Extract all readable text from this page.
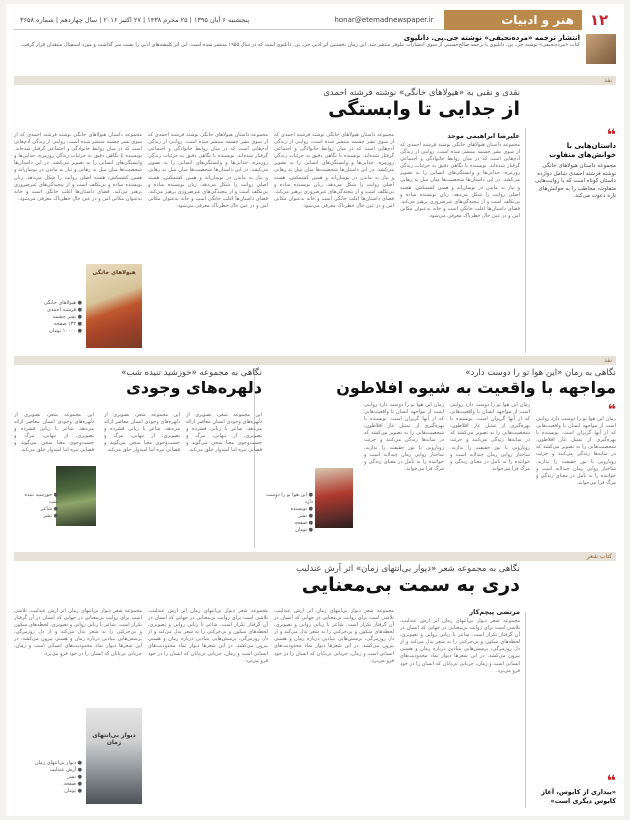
۱۲
هنر و ادبیات
honar@etemadnewspaper.ir
پنجشنبه ۶ آبان ۱۳۹۵ | ۲۵ محرم ۱۴۳۸ | ۲۷ اکتبر ۲۰۱۶ | سال چهاردهم | شماره ۳۶۵۸
انتشار ترجمه «مرده‌نحیفی» نوشته جی.پی. دانلیوی
کتاب «مرده‌نحیفی» نوشته جی. پی. دانلیوی با ترجمه صالح‌حسینی از سوی انتشارات نیلوفر منتشر شد. این رمان نخستین اثر ادبی جی. پی. دانلیوی است که در سال ۱۹۵۵ منتشر شده است. این اثر کلیشه‌های ادبی را پشت سر گذاشت و مورد استقبال منتقدان قرار گرفت.
نقد
نقدی و نقبی به «هیولاهای خانگی» نوشته فرشته احمدی
از جدایی تا وابستگی
❝
داستان‌هایی با خوانش‌های متفاوت
مجموعه داستان هیولاهای خانگی نوشته فرشته احمدی شامل دوازده داستان کوتاه است که با روایت‌هایی متفاوت، مخاطب را به خوانش‌های تازه دعوت می‌کند.
علیرضا ابراهیمی موحد

مجموعه داستان هیولاهای خانگی نوشته فرشته احمدی که از سوی نشر چشمه منتشر شده است، روایتی از زندگی آدم‌هایی است که در میان روابط خانوادگی و اجتماعی گرفتار شده‌اند. نویسنده با نگاهی دقیق به جزئیات زندگی روزمره، جدایی‌ها و وابستگی‌های انسانی را به تصویر می‌کشد. در این داستان‌ها شخصیت‌ها میان میل به رهایی و نیاز به ماندن در نوسان‌اند و همین کشمکش، هسته اصلی روایت را شکل می‌دهد. زبان نویسنده ساده و بی‌تکلف است و از پیچیدگی‌های غیرضروری پرهیز می‌کند. فضای داستان‌ها اغلب خانگی است و خانه به‌عنوان مکانی امن و در عین حال خطرناک معرفی می‌شود.

مجموعه داستان هیولاهای خانگی نوشته فرشته احمدی که از سوی نشر چشمه منتشر شده است، روایتی از زندگی آدم‌هایی است که در میان روابط خانوادگی و اجتماعی گرفتار شده‌اند. نویسنده با نگاهی دقیق به جزئیات زندگی روزمره، جدایی‌ها و وابستگی‌های انسانی را به تصویر می‌کشد. در این داستان‌ها شخصیت‌ها میان میل به رهایی و نیاز به ماندن در نوسان‌اند و همین کشمکش، هسته اصلی روایت را شکل می‌دهد. زبان نویسنده ساده و بی‌تکلف است و از پیچیدگی‌های غیرضروری پرهیز می‌کند. فضای داستان‌ها اغلب خانگی است و خانه به‌عنوان مکانی امن و در عین حال خطرناک معرفی می‌شود.

مجموعه داستان هیولاهای خانگی نوشته فرشته احمدی که از سوی نشر چشمه منتشر شده است، روایتی از زندگی آدم‌هایی است که در میان روابط خانوادگی و اجتماعی گرفتار شده‌اند. نویسنده با نگاهی دقیق به جزئیات زندگی روزمره، جدایی‌ها و وابستگی‌های انسانی را به تصویر می‌کشد. در این داستان‌ها شخصیت‌ها میان میل به رهایی و نیاز به ماندن در نوسان‌اند و همین کشمکش، هسته اصلی روایت را شکل می‌دهد. زبان نویسنده ساده و بی‌تکلف است و از پیچیدگی‌های غیرضروری پرهیز می‌کند. فضای داستان‌ها اغلب خانگی است و خانه به‌عنوان مکانی امن و در عین حال خطرناک معرفی می‌شود.

مجموعه داستان هیولاهای خانگی نوشته فرشته احمدی که از سوی نشر چشمه منتشر شده است، روایتی از زندگی آدم‌هایی است که در میان روابط خانوادگی و اجتماعی گرفتار شده‌اند. نویسنده با نگاهی دقیق به جزئیات زندگی روزمره، جدایی‌ها و وابستگی‌های انسانی را به تصویر می‌کشد. در این داستان‌ها شخصیت‌ها میان میل به رهایی و نیاز به ماندن در نوسان‌اند و همین کشمکش، هسته اصلی روایت را شکل می‌دهد. زبان نویسنده ساده و بی‌تکلف است و از پیچیدگی‌های غیرضروری پرهیز می‌کند. فضای داستان‌ها اغلب خانگی است و خانه به‌عنوان مکانی امن و در عین حال خطرناک معرفی می‌شود.

هیولاهای خانگی
● هیولاهای خانگی
● فرشته احمدی
● نشر چشمه
● ۱۳۲ صفحه
● ۱۰۰۰۰ تومان
نقد
نگاهی به رمان «این هوا تو را دوست دارد»
مواجهه با واقعیت به شیوه افلاطون
❝

رمان این هوا تو را دوست دارد روایتی است از مواجهه انسان با واقعیت‌هایی که از آنها گریزان است. نویسنده با بهره‌گیری از تمثیل غار افلاطون، شخصیت‌هایی را به تصویر می‌کشد که در سایه‌ها زندگی می‌کنند و جرئت رویارویی با نور حقیقت را ندارند. ساختار روایی رمان چندلایه است و خواننده را به تأمل در معنای زندگی و مرگ فرا می‌خواند.

رمان این هوا تو را دوست دارد روایتی است از مواجهه انسان با واقعیت‌هایی که از آنها گریزان است. نویسنده با بهره‌گیری از تمثیل غار افلاطون، شخصیت‌هایی را به تصویر می‌کشد که در سایه‌ها زندگی می‌کنند و جرئت رویارویی با نور حقیقت را ندارند. ساختار روایی رمان چندلایه است و خواننده را به تأمل در معنای زندگی و مرگ فرا می‌خواند.

رمان این هوا تو را دوست دارد روایتی است از مواجهه انسان با واقعیت‌هایی که از آنها گریزان است. نویسنده با بهره‌گیری از تمثیل غار افلاطون، شخصیت‌هایی را به تصویر می‌کشد که در سایه‌ها زندگی می‌کنند و جرئت رویارویی با نور حقیقت را ندارند. ساختار روایی رمان چندلایه است و خواننده را به تأمل در معنای زندگی و مرگ فرا می‌خواند.

● این هوا تو را دوست دارد
● نویسنده
● نشر
● صفحه
● تومان
نگاهی به مجموعه «خوزشید تنیده شب»
دلهره‌های وجودی

این مجموعه شعر، تصویری از دلهره‌های وجودی انسان معاصر ارائه می‌دهد. شاعر با زبانی فشرده و تصویری، از تنهایی، مرگ و جست‌وجوی معنا سخن می‌گوید و فضایی تیره اما امیدوار خلق می‌کند.

این مجموعه شعر، تصویری از دلهره‌های وجودی انسان معاصر ارائه می‌دهد. شاعر با زبانی فشرده و تصویری، از تنهایی، مرگ و جست‌وجوی معنا سخن می‌گوید و فضایی تیره اما امیدوار خلق می‌کند.

این مجموعه شعر، تصویری از دلهره‌های وجودی انسان معاصر ارائه می‌دهد. شاعر با زبانی فشرده و تصویری، از تنهایی، مرگ و جست‌وجوی معنا سخن می‌گوید و فضایی تیره اما امیدوار خلق می‌کند.

● خورشید تنیده شب
● شاعر
● نشر
کتاب شعر
نگاهی به مجموعه شعر «دیوار بی‌انتهای زمان» اثر آرش عندلیب
دری به سمت بی‌معنایی
❝
«بیداری از کابوس، آغاز کابوس دیگری است»
مرتضی پیچم‌‌کار

مجموعه شعر دیوار بی‌انتهای زمان اثر آرش عندلیب، تلاشی است برای روایت بی‌معنایی در جهانی که انسان در آن گرفتار تکرار است. شاعر با زبانی روایی و تصویری، لحظه‌های سکون و بی‌حرکتی را به شعر بدل می‌کند و از دل روزمرگی، پرسش‌هایی بنیادین درباره زمان و هستی بیرون می‌کشد. در این شعرها دیوار نماد محدودیت‌های انسانی است و زمان، جریانی بی‌پایان که انسان را در خود فرو می‌برد.

مجموعه شعر دیوار بی‌انتهای زمان اثر آرش عندلیب، تلاشی است برای روایت بی‌معنایی در جهانی که انسان در آن گرفتار تکرار است. شاعر با زبانی روایی و تصویری، لحظه‌های سکون و بی‌حرکتی را به شعر بدل می‌کند و از دل روزمرگی، پرسش‌هایی بنیادین درباره زمان و هستی بیرون می‌کشد. در این شعرها دیوار نماد محدودیت‌های انسانی است و زمان، جریانی بی‌پایان که انسان را در خود فرو می‌برد.

مجموعه شعر دیوار بی‌انتهای زمان اثر آرش عندلیب، تلاشی است برای روایت بی‌معنایی در جهانی که انسان در آن گرفتار تکرار است. شاعر با زبانی روایی و تصویری، لحظه‌های سکون و بی‌حرکتی را به شعر بدل می‌کند و از دل روزمرگی، پرسش‌هایی بنیادین درباره زمان و هستی بیرون می‌کشد. در این شعرها دیوار نماد محدودیت‌های انسانی است و زمان، جریانی بی‌پایان که انسان را در خود فرو می‌برد.

مجموعه شعر دیوار بی‌انتهای زمان اثر آرش عندلیب، تلاشی است برای روایت بی‌معنایی در جهانی که انسان در آن گرفتار تکرار است. شاعر با زبانی روایی و تصویری، لحظه‌های سکون و بی‌حرکتی را به شعر بدل می‌کند و از دل روزمرگی، پرسش‌هایی بنیادین درباره زمان و هستی بیرون می‌کشد. در این شعرها دیوار نماد محدودیت‌های انسانی است و زمان، جریانی بی‌پایان که انسان را در خود فرو می‌برد.

دیوار بی‌انتهای زمان
● دیوار بی‌انتهای زمان
● آرش عندلیب
● نشر
● صفحه
● تومان
